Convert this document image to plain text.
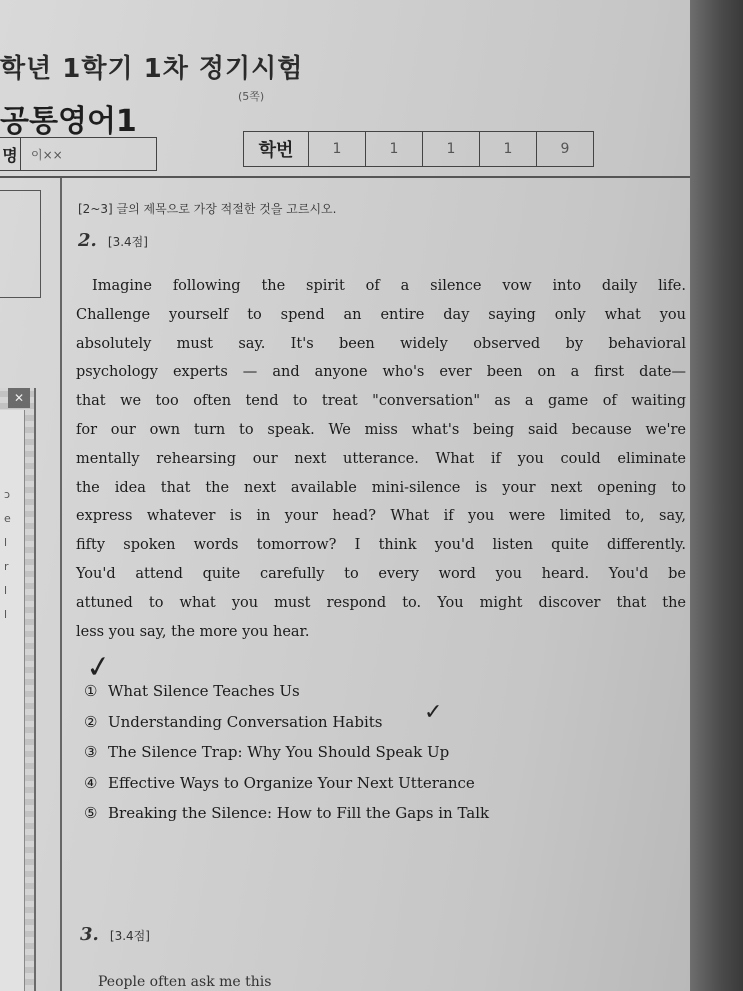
학년 1학기 1차 정기시험
공통영어1
(5쪽)
명	이××	학번	1	1	1	1	9
✕
ɔ
e
l
r
l
l
[2~3] 글의 제목으로 가장 적절한 것을 고르시오.
2. [3.4점]
Imagine following the spirit of a silence vow into daily life.
Challenge yourself to spend an entire day saying only what you
absolutely must say. It's been widely observed by behavioral
psychology experts — and anyone who's ever been on a first date—
that we too often tend to treat "conversation" as a game of waiting
for our own turn to speak. We miss what's being said because we're
mentally rehearsing our next utterance. What if you could eliminate
the idea that the next available mini-silence is your next opening to
express whatever is in your head? What if you were limited to, say,
fifty spoken words tomorrow? I think you'd listen quite differently.
You'd attend quite carefully to every word you heard. You'd be
attuned to what you must respond to. You might discover that the
less you say, the more you hear.
① What Silence Teaches Us
② Understanding Conversation Habits
③ The Silence Trap: Why You Should Speak Up
④ Effective Ways to Organize Your Next Utterance
⑤ Breaking the Silence: How to Fill the Gaps in Talk
✓
✓
3. [3.4점]
People often ask me this
